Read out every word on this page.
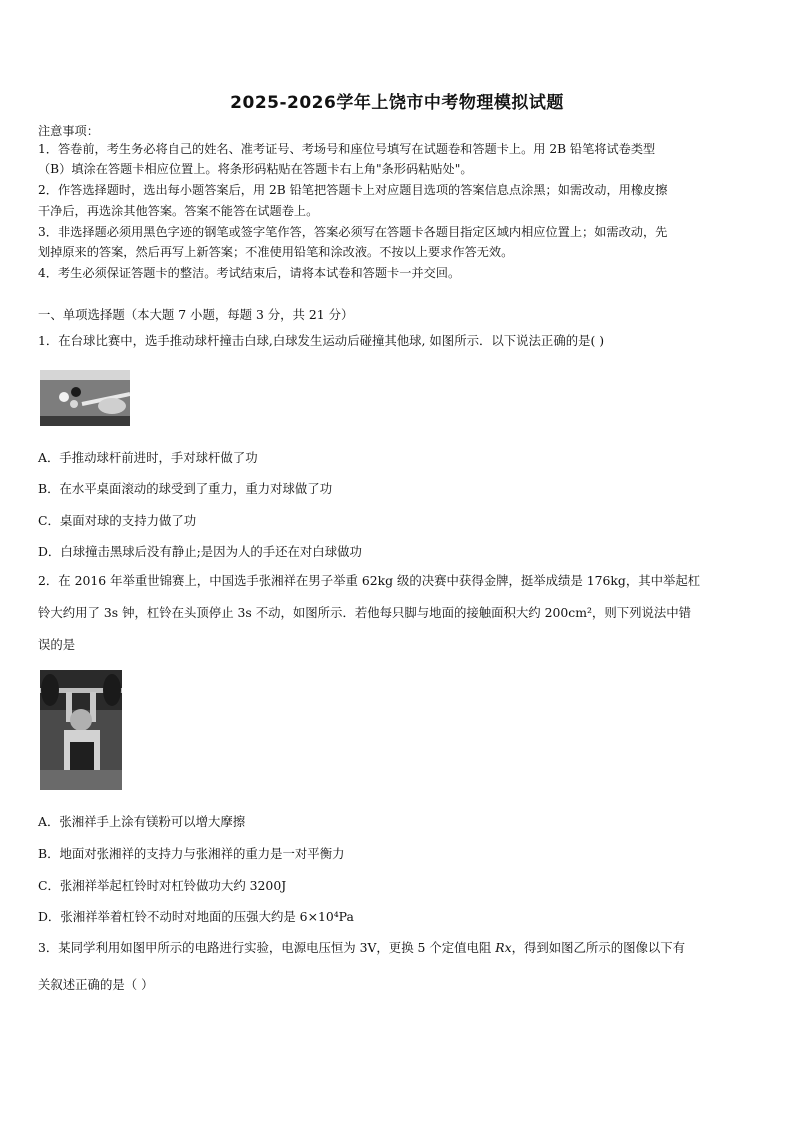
2025-2026学年上饶市中考物理模拟试题
注意事项：
1．答卷前，考生务必将自己的姓名、准考证号、考场号和座位号填写在试题卷和答题卡上。用 2B 铅笔将试卷类型
（B）填涂在答题卡相应位置上。将条形码粘贴在答题卡右上角"条形码粘贴处"。
2．作答选择题时，选出每小题答案后，用 2B 铅笔把答题卡上对应题目选项的答案信息点涂黑；如需改动，用橡皮擦
干净后，再选涂其他答案。答案不能答在试题卷上。
3．非选择题必须用黑色字迹的钢笔或签字笔作答，答案必须写在答题卡各题目指定区域内相应位置上；如需改动，先
划掉原来的答案，然后再写上新答案；不准使用铅笔和涂改液。不按以上要求作答无效。
4．考生必须保证答题卡的整洁。考试结束后，请将本试卷和答题卡一并交回。
一、单项选择题（本大题 7 小题，每题 3 分，共 21 分）
1．在台球比赛中，选手推动球杆撞击白球,白球发生运动后碰撞其他球, 如图所示．以下说法正确的是( )
A．手推动球杆前进时，手对球杆做了功
B．在水平桌面滚动的球受到了重力，重力对球做了功
C．桌面对球的支持力做了功
D．白球撞击黑球后没有静止;是因为人的手还在对白球做功
2．在 2016 年举重世锦赛上，中国选手张湘祥在男子举重 62kg 级的决赛中获得金牌，挺举成绩是 176kg，其中举起杠
铃大约用了 3s 钟，杠铃在头顶停止 3s 不动，如图所示．若他每只脚与地面的接触面积大约 200cm²，则下列说法中错
误的是
A．张湘祥手上涂有镁粉可以增大摩擦
B．地面对张湘祥的支持力与张湘祥的重力是一对平衡力
C．张湘祥举起杠铃时对杠铃做功大约 3200J
D．张湘祥举着杠铃不动时对地面的压强大约是 6×10⁴Pa
3．某同学利用如图甲所示的电路进行实验，电源电压恒为 3V，更换 5 个定值电阻 Rx，得到如图乙所示的图像以下有
关叙述正确的是（ ）
